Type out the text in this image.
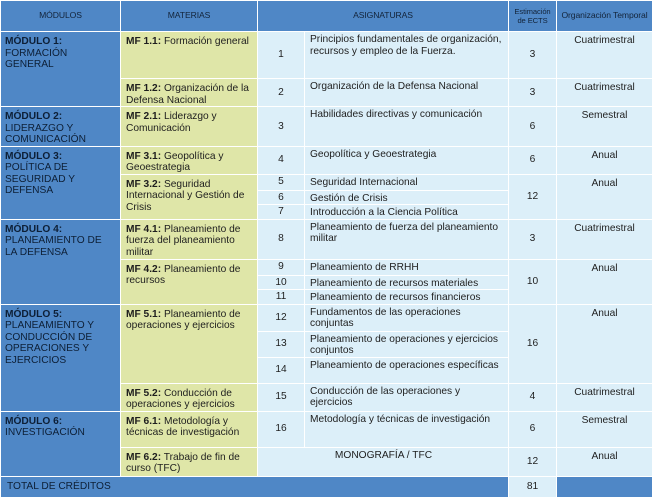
MÓDULOS	MATERIAS	ASIGNATURAS		Estimación
de ECTS	Organización Temporal

MÓDULO 1:
FORMACIÓN GENERAL	MF 1.1: Formación general	1	Principios fundamentales de organización, recursos y empleo de la Fuerza.	3	Cuatrimestral
	MF 1.2: Organización de la Defensa Nacional	2	Organización de la Defensa Nacional	3	Cuatrimestral

MÓDULO 2:
LIDERAZGO Y COMUNICACIÓN	MF 2.1: Liderazgo y Comunicación	3	Habilidades directivas y comunicación	6	Semestral

MÓDULO 3:
POLÍTICA DE SEGURIDAD Y DEFENSA	MF 3.1: Geopolítica y Geoestrategia	4	Geopolítica y Geoestrategia	6	Anual
	MF 3.2: Seguridad Internacional y Gestión de Crisis	5	Seguridad Internacional	12	Anual
		6	Gestión de Crisis		
		7	Introducción a la Ciencia Política		

MÓDULO 4:
PLANEAMIENTO DE LA DEFENSA	MF 4.1: Planeamiento de fuerza del planeamiento militar	8	Planeamiento de fuerza del planeamiento militar	3	Cuatrimestral
	MF 4.2: Planeamiento de recursos	9	Planeamiento de RRHH	10	Anual
		10	Planeamiento de recursos materiales		
		11	Planeamiento de recursos financieros		

MÓDULO 5:
PLANEAMIENTO Y CONDUCCIÓN DE OPERACIONES Y EJERCICIOS	MF 5.1: Planeamiento de operaciones y ejercicios	12	Fundamentos de las operaciones conjuntas	16	Anual
		13	Planeamiento de operaciones y ejercicios conjuntos		
		14	Planeamiento de operaciones específicas		
	MF 5.2: Conducción de operaciones y ejercicios	15	Conducción de las operaciones y ejercicios	4	Cuatrimestral

MÓDULO 6:
INVESTIGACIÓN	MF 6.1: Metodología y técnicas de investigación	16	Metodología y técnicas de investigación	6	Semestral
	MF 6.2: Trabajo de fin de curso (TFC)	MONOGRAFÍA / TFC		12	Anual
TOTAL DE CRÉDITOS				81	
